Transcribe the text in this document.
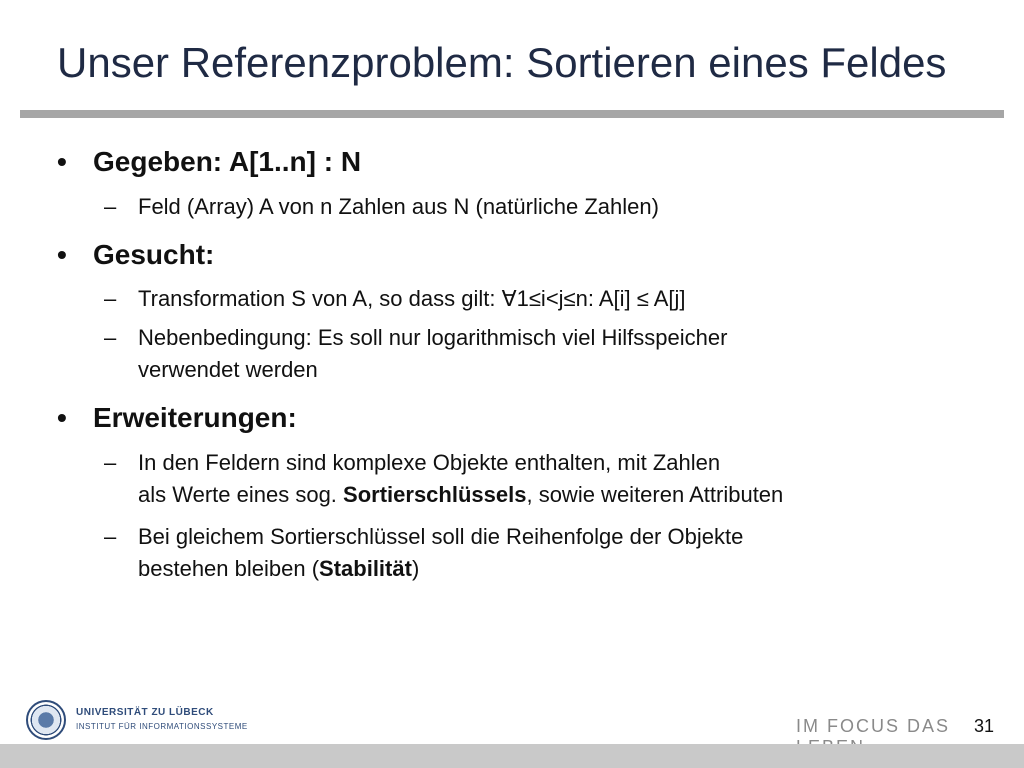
Unser Referenzproblem: Sortieren eines Feldes
• Gegeben: A[1..n] : N
– Feld (Array) A von n Zahlen aus N (natürliche Zahlen)
• Gesucht:
– Transformation S von A, so dass gilt: ∀1≤i<j≤n: A[i] ≤ A[j]
– Nebenbedingung: Es soll nur logarithmisch viel Hilfsspeicher
verwendet werden
• Erweiterungen:
– In den Feldern sind komplexe Objekte enthalten, mit Zahlen
als Werte eines sog. Sortierschlüssels, sowie weiteren Attributen
– Bei gleichem Sortierschlüssel soll die Reihenfolge der Objekte
bestehen bleiben (Stabilität)
UNIVERSITÄT ZU LÜBECK
INSTITUT FÜR INFORMATIONSSYSTEME	IM FOCUS DAS	31
